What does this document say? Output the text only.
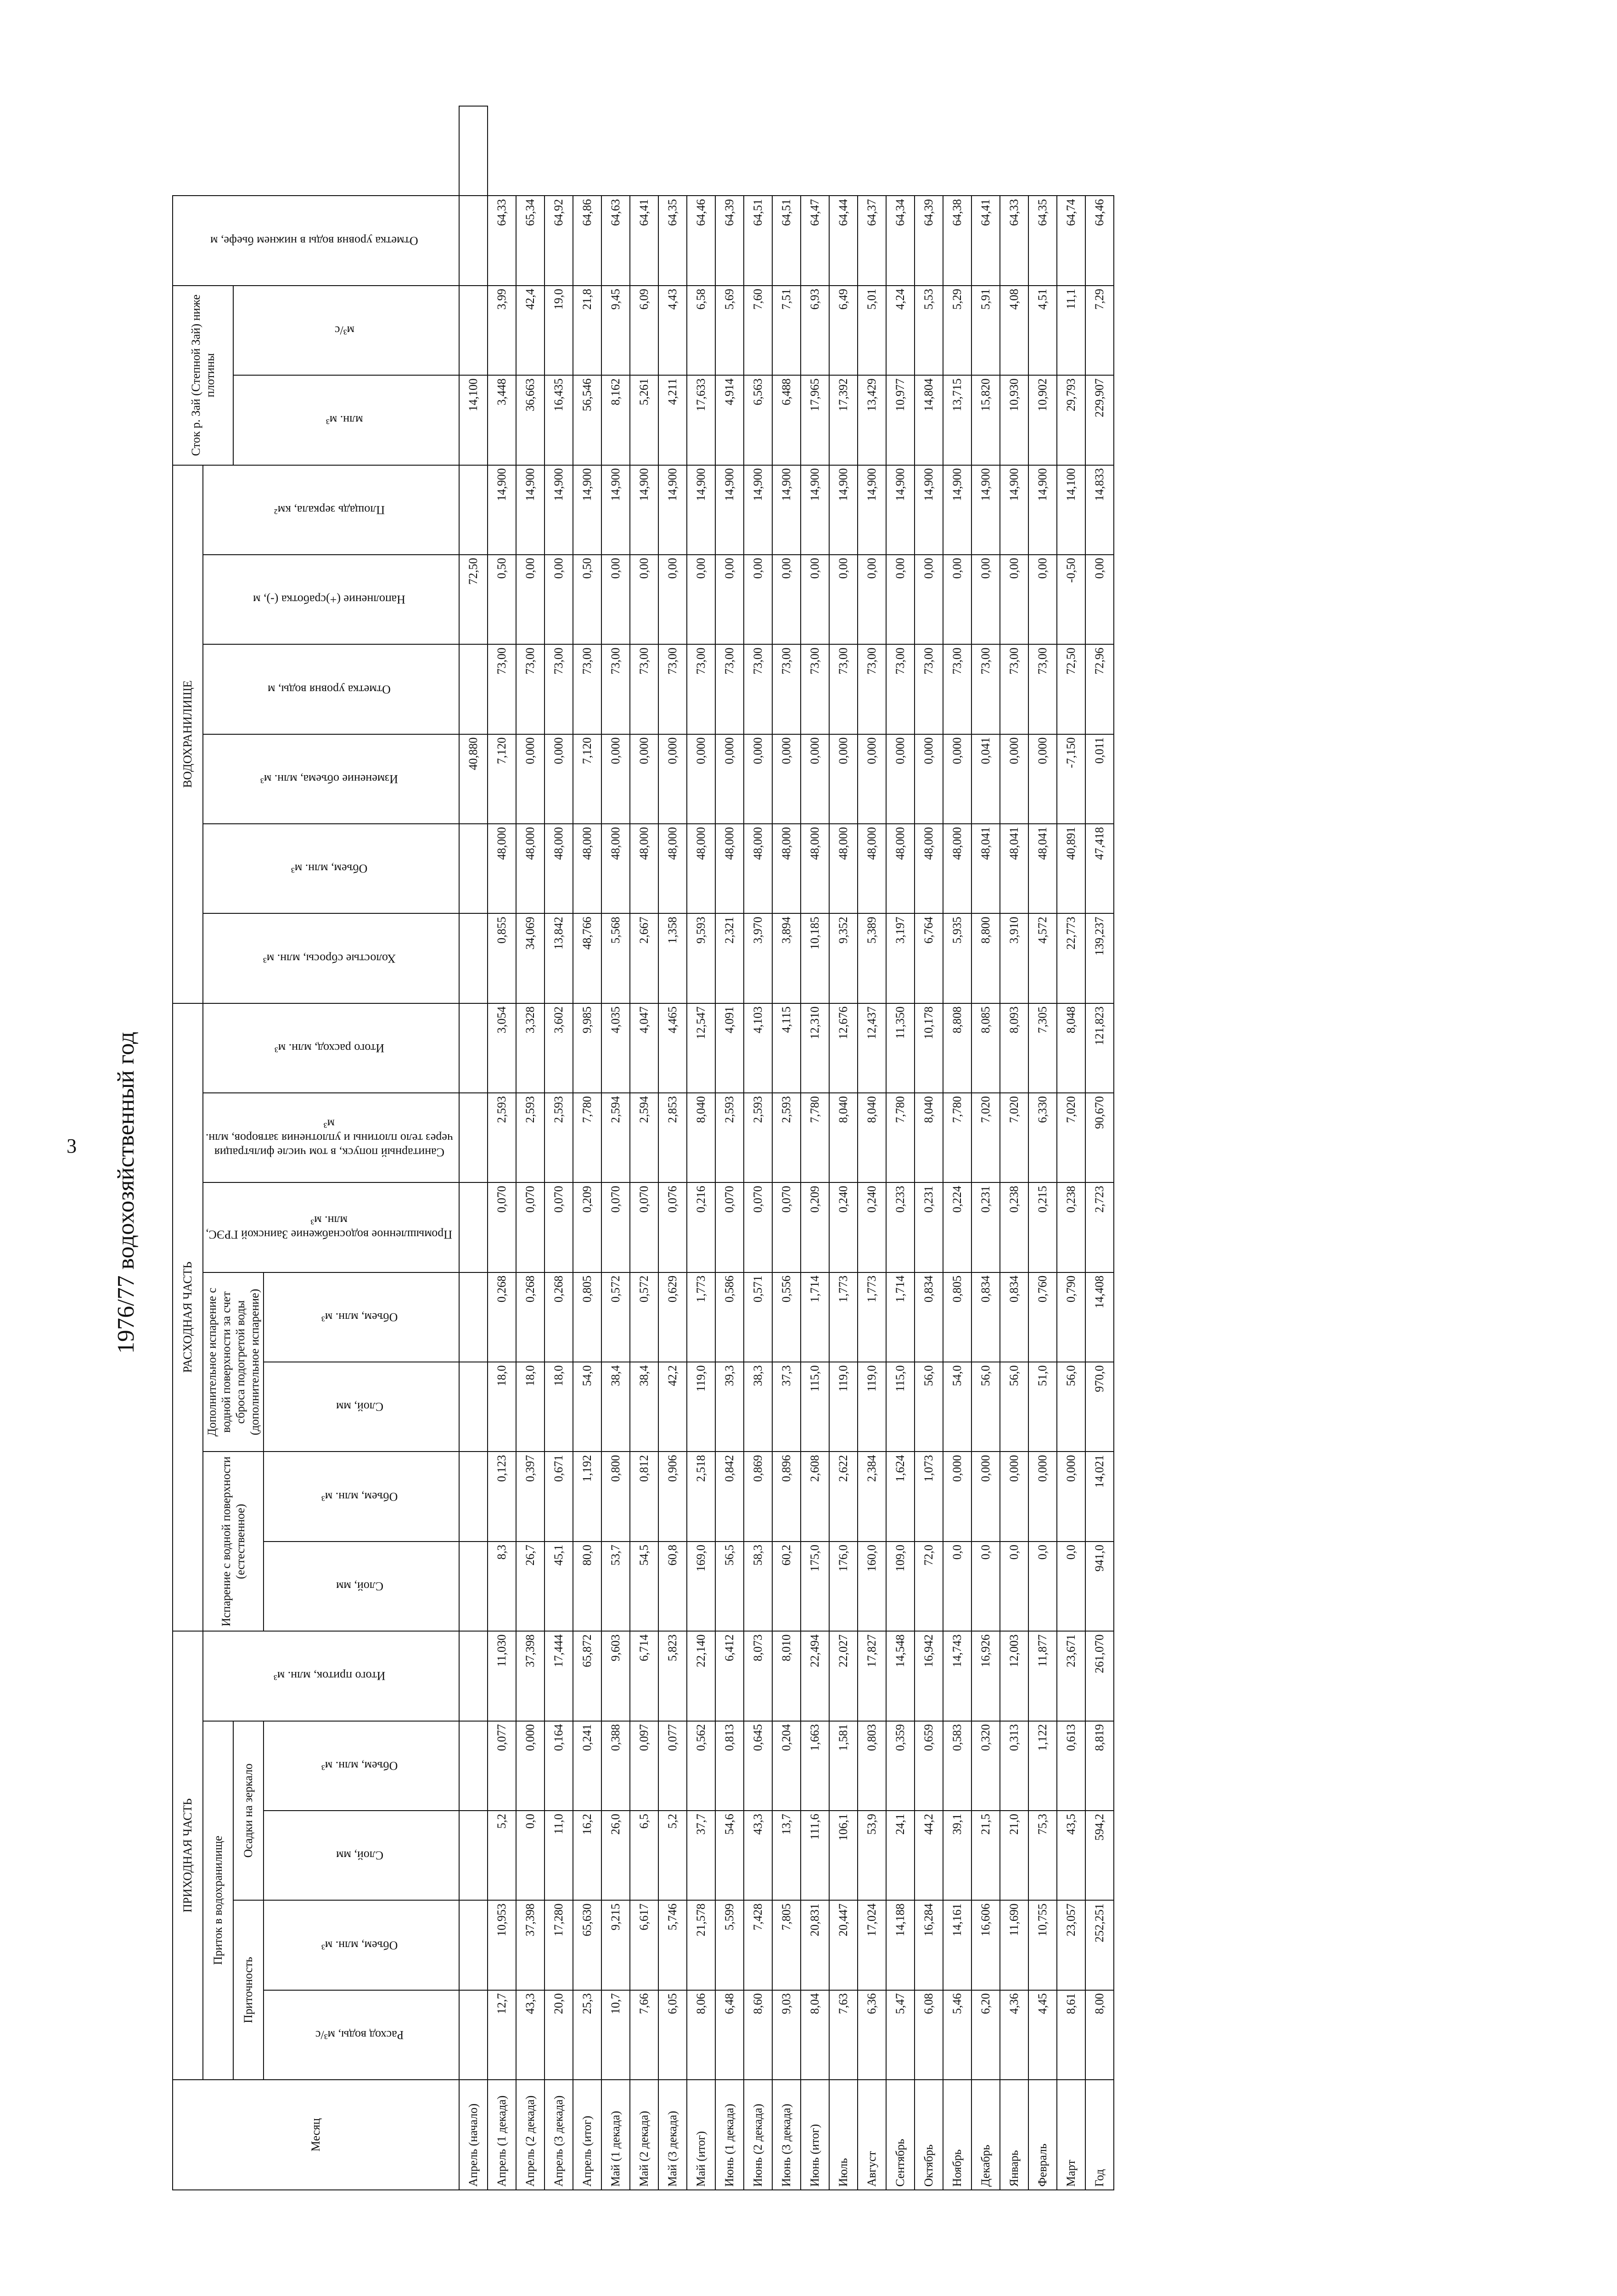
3 1976/77 водохозяйственный год
Месяц	ПРИХОДНАЯ ЧАСТЬ					РАСХОДНАЯ ЧАСТЬ							ВОДОХРАНИЛИЩЕ						Сток р. Зай (Степной Зай) ниже плотины		Отметка уровня воды в нижнем бьефе, м	
	Приток в водохранилище				Итого приток, млн. м³	Испарение с водной поверхности (естественное)		Дополнительное испарение с водной поверхности за счет сброса подогретой воды (дополнительное испарение)		Промышленное водоснабжение Заинской ГРЭС, млн. м³	Санитарный попуск, в том числе фильтрация через тело плотины и уплотнения затворов, млн. м³	Итого расход, млн. м³	Холостые сбросы, млн. м³	Объем, млн. м³	Изменение объема, млн. м³	Отметка уровня воды, м	Наполнение (+)сработка (-), м	Площадь зеркала, км²				
	Приточность		Осадки на зеркало																млн. м³	м³/с		
	Расход воды, м³/с	Объем, млн. м³	Слой, мм	Объем, млн. м³		Слой, мм	Объем, млн. м³	Слой, мм	Объем, млн. м³													
Апрель (начало)															40,880		72,50		14,100			
Апрель (1 декада)	12,7	10,953	5,2	0,077	11,030	8,3	0,123	18,0	0,268	0,070	2,593	3,054	0,855	48,000	7,120	73,00	0,50	14,900	3,448	3,99	64,33	
Апрель (2 декада)	43,3	37,398	0,0	0,000	37,398	26,7	0,397	18,0	0,268	0,070	2,593	3,328	34,069	48,000	0,000	73,00	0,00	14,900	36,663	42,4	65,34	
Апрель (3 декада)	20,0	17,280	11,0	0,164	17,444	45,1	0,671	18,0	0,268	0,070	2,593	3,602	13,842	48,000	0,000	73,00	0,00	14,900	16,435	19,0	64,92	
Апрель (итог)	25,3	65,630	16,2	0,241	65,872	80,0	1,192	54,0	0,805	0,209	7,780	9,985	48,766	48,000	7,120	73,00	0,50	14,900	56,546	21,8	64,86	
Май (1 декада)	10,7	9,215	26,0	0,388	9,603	53,7	0,800	38,4	0,572	0,070	2,594	4,035	5,568	48,000	0,000	73,00	0,00	14,900	8,162	9,45	64,63	
Май (2 декада)	7,66	6,617	6,5	0,097	6,714	54,5	0,812	38,4	0,572	0,070	2,594	4,047	2,667	48,000	0,000	73,00	0,00	14,900	5,261	6,09	64,41	
Май (3 декада)	6,05	5,746	5,2	0,077	5,823	60,8	0,906	42,2	0,629	0,076	2,853	4,465	1,358	48,000	0,000	73,00	0,00	14,900	4,211	4,43	64,35	
Май (итог)	8,06	21,578	37,7	0,562	22,140	169,0	2,518	119,0	1,773	0,216	8,040	12,547	9,593	48,000	0,000	73,00	0,00	14,900	17,633	6,58	64,46	
Июнь (1 декада)	6,48	5,599	54,6	0,813	6,412	56,5	0,842	39,3	0,586	0,070	2,593	4,091	2,321	48,000	0,000	73,00	0,00	14,900	4,914	5,69	64,39	
Июнь (2 декада)	8,60	7,428	43,3	0,645	8,073	58,3	0,869	38,3	0,571	0,070	2,593	4,103	3,970	48,000	0,000	73,00	0,00	14,900	6,563	7,60	64,51	
Июнь (3 декада)	9,03	7,805	13,7	0,204	8,010	60,2	0,896	37,3	0,556	0,070	2,593	4,115	3,894	48,000	0,000	73,00	0,00	14,900	6,488	7,51	64,51	
Июнь (итог)	8,04	20,831	111,6	1,663	22,494	175,0	2,608	115,0	1,714	0,209	7,780	12,310	10,185	48,000	0,000	73,00	0,00	14,900	17,965	6,93	64,47	
Июль	7,63	20,447	106,1	1,581	22,027	176,0	2,622	119,0	1,773	0,240	8,040	12,676	9,352	48,000	0,000	73,00	0,00	14,900	17,392	6,49	64,44	
Август	6,36	17,024	53,9	0,803	17,827	160,0	2,384	119,0	1,773	0,240	8,040	12,437	5,389	48,000	0,000	73,00	0,00	14,900	13,429	5,01	64,37	
Сентябрь	5,47	14,188	24,1	0,359	14,548	109,0	1,624	115,0	1,714	0,233	7,780	11,350	3,197	48,000	0,000	73,00	0,00	14,900	10,977	4,24	64,34	
Октябрь	6,08	16,284	44,2	0,659	16,942	72,0	1,073	56,0	0,834	0,231	8,040	10,178	6,764	48,000	0,000	73,00	0,00	14,900	14,804	5,53	64,39	
Ноябрь	5,46	14,161	39,1	0,583	14,743	0,0	0,000	54,0	0,805	0,224	7,780	8,808	5,935	48,000	0,000	73,00	0,00	14,900	13,715	5,29	64,38	
Декабрь	6,20	16,606	21,5	0,320	16,926	0,0	0,000	56,0	0,834	0,231	7,020	8,085	8,800	48,041	0,041	73,00	0,00	14,900	15,820	5,91	64,41	
Январь	4,36	11,690	21,0	0,313	12,003	0,0	0,000	56,0	0,834	0,238	7,020	8,093	3,910	48,041	0,000	73,00	0,00	14,900	10,930	4,08	64,33	
Февраль	4,45	10,755	75,3	1,122	11,877	0,0	0,000	51,0	0,760	0,215	6,330	7,305	4,572	48,041	0,000	73,00	0,00	14,900	10,902	4,51	64,35	
Март	8,61	23,057	43,5	0,613	23,671	0,0	0,000	56,0	0,790	0,238	7,020	8,048	22,773	40,891	-7,150	72,50	-0,50	14,100	29,793	11,1	64,74	
Год	8,00	252,251	594,2	8,819	261,070	941,0	14,021	970,0	14,408	2,723	90,670	121,823	139,237	47,418	0,011	72,96	0,00	14,833	229,907	7,29	64,46	
